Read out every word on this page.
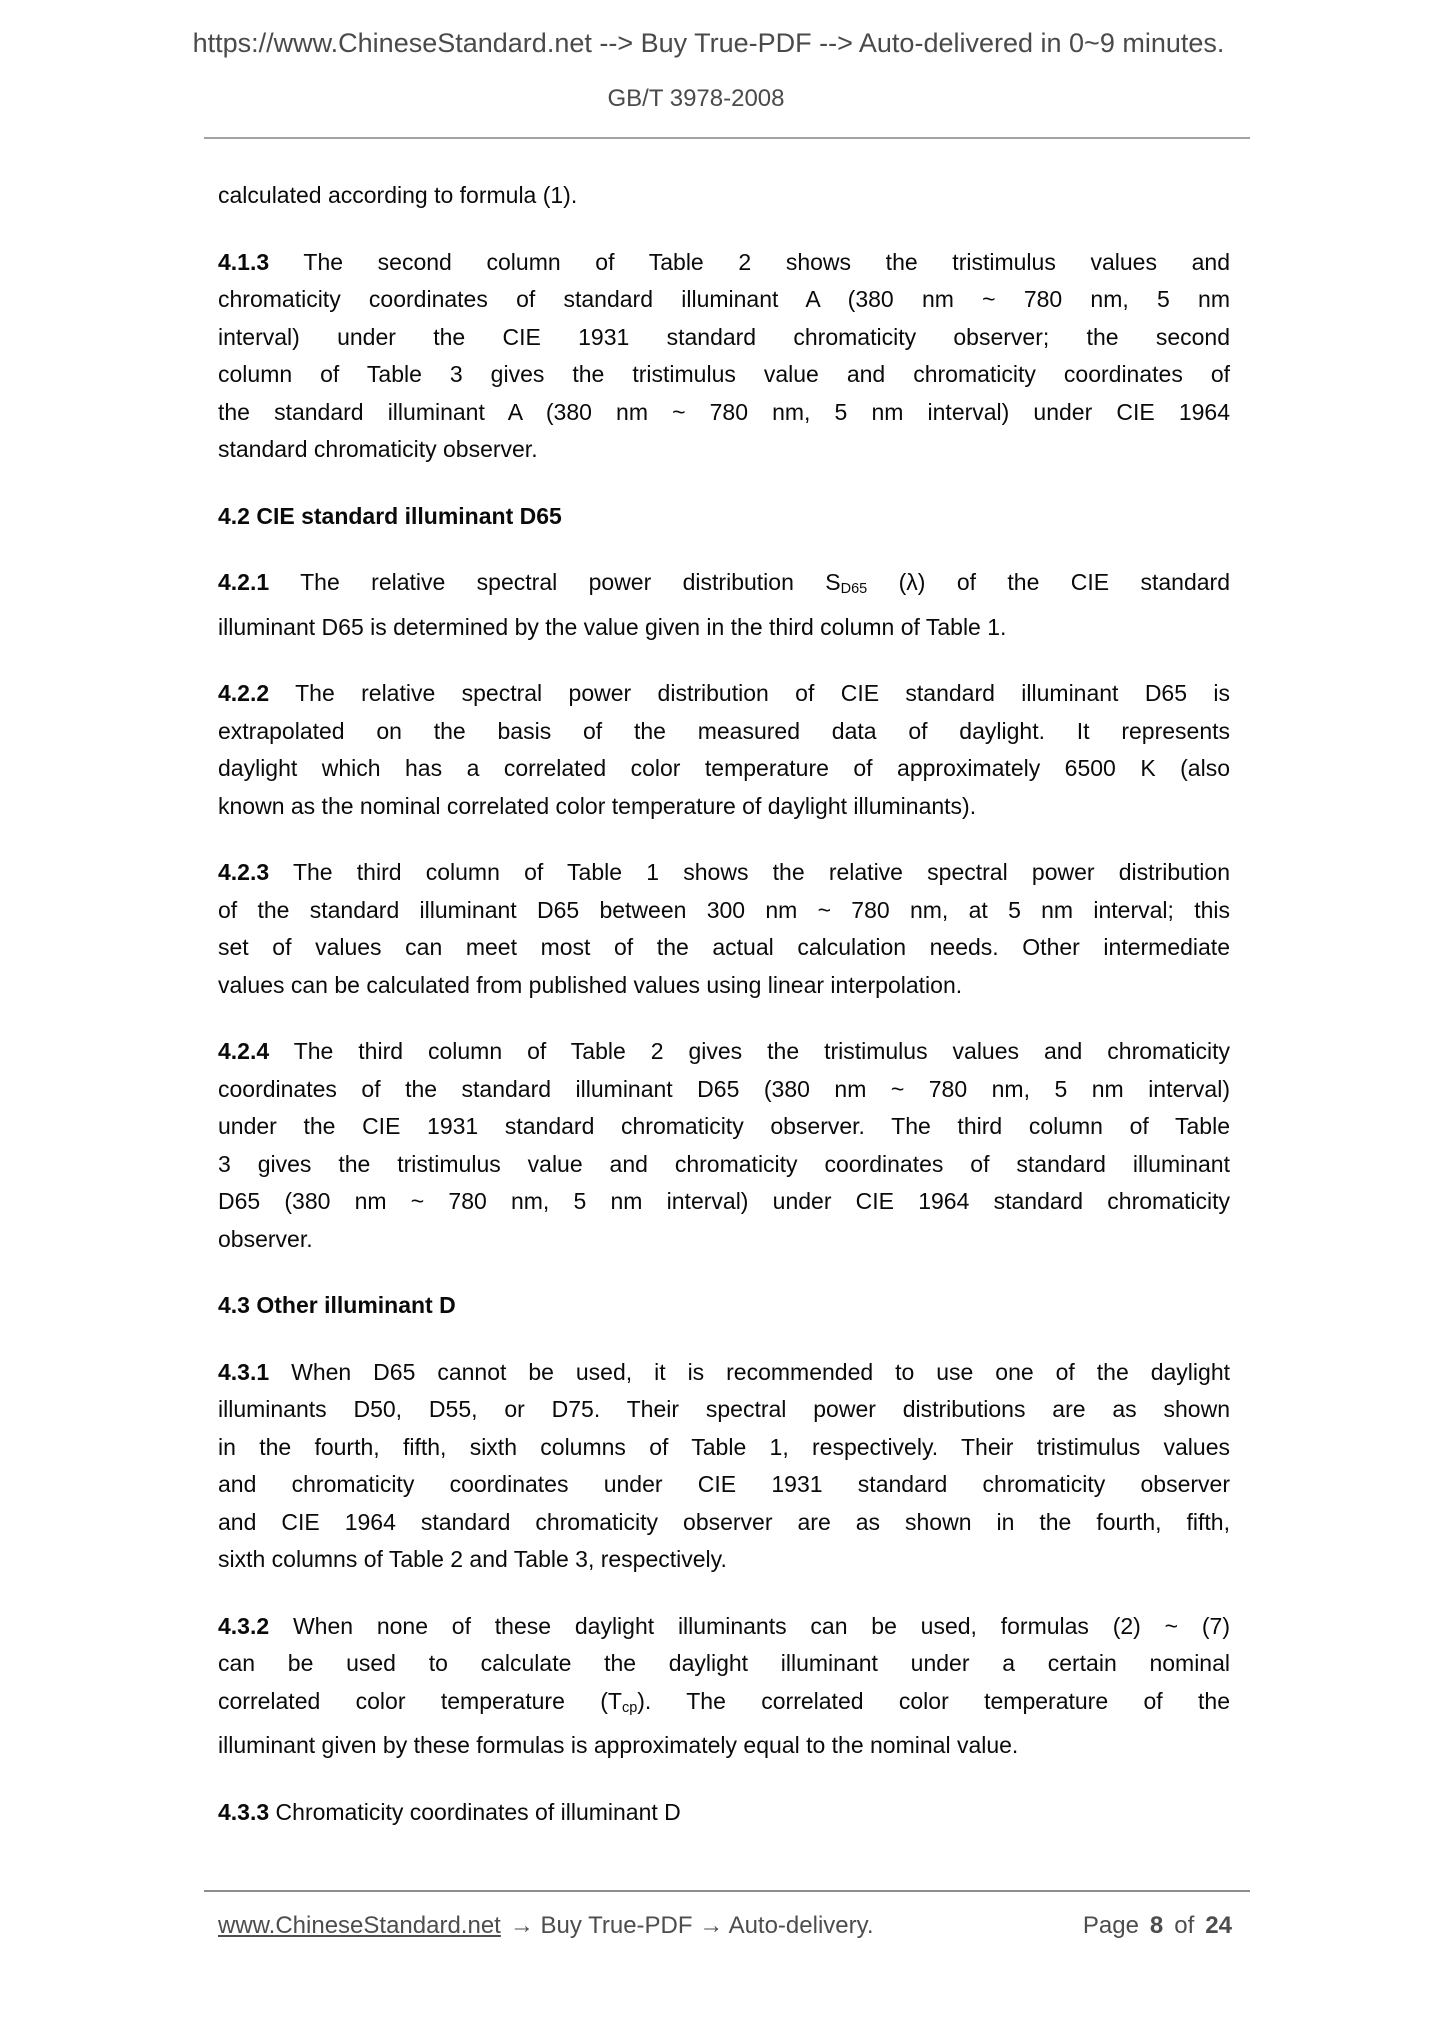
https://www.ChineseStandard.net --> Buy True-PDF --> Auto-delivered in 0~9 minutes.
GB/T 3978-2008

calculated according to formula (1).

4.1.3 The second column of Table 2 shows the tristimulus values and
chromaticity coordinates of standard illuminant A (380 nm ~ 780 nm, 5 nm
interval) under the CIE 1931 standard chromaticity observer; the second
column of Table 3 gives the tristimulus value and chromaticity coordinates of
the standard illuminant A (380 nm ~ 780 nm, 5 nm interval) under CIE 1964
standard chromaticity observer.

4.2 CIE standard illuminant D65

4.2.1 The relative spectral power distribution $S_{D65}$ (λ) of the CIE standard
illuminant D65 is determined by the value given in the third column of Table 1.

4.2.2 The relative spectral power distribution of CIE standard illuminant D65 is
extrapolated on the basis of the measured data of daylight. It represents
daylight which has a correlated color temperature of approximately 6500 K (also
known as the nominal correlated color temperature of daylight illuminants).

4.2.3 The third column of Table 1 shows the relative spectral power distribution
of the standard illuminant D65 between 300 nm ~ 780 nm, at 5 nm interval; this
set of values can meet most of the actual calculation needs. Other intermediate
values can be calculated from published values using linear interpolation.

4.2.4 The third column of Table 2 gives the tristimulus values and chromaticity
coordinates of the standard illuminant D65 (380 nm ~ 780 nm, 5 nm interval)
under the CIE 1931 standard chromaticity observer. The third column of Table
3 gives the tristimulus value and chromaticity coordinates of standard illuminant
D65 (380 nm ~ 780 nm, 5 nm interval) under CIE 1964 standard chromaticity
observer.

4.3 Other illuminant D

4.3.1 When D65 cannot be used, it is recommended to use one of the daylight
illuminants D50, D55, or D75. Their spectral power distributions are as shown
in the fourth, fifth, sixth columns of Table 1, respectively. Their tristimulus values
and chromaticity coordinates under CIE 1931 standard chromaticity observer
and CIE 1964 standard chromaticity observer are as shown in the fourth, fifth,
sixth columns of Table 2 and Table 3, respectively.

4.3.2 When none of these daylight illuminants can be used, formulas (2) ~ (7)
can be used to calculate the daylight illuminant under a certain nominal
correlated color temperature $(T_{cp})$. The correlated color temperature of the
illuminant given by these formulas is approximately equal to the nominal value.

4.3.3 Chromaticity coordinates of illuminant D

www.ChineseStandard.net → Buy True-PDF → Auto-delivery.	Page 8 of 24
